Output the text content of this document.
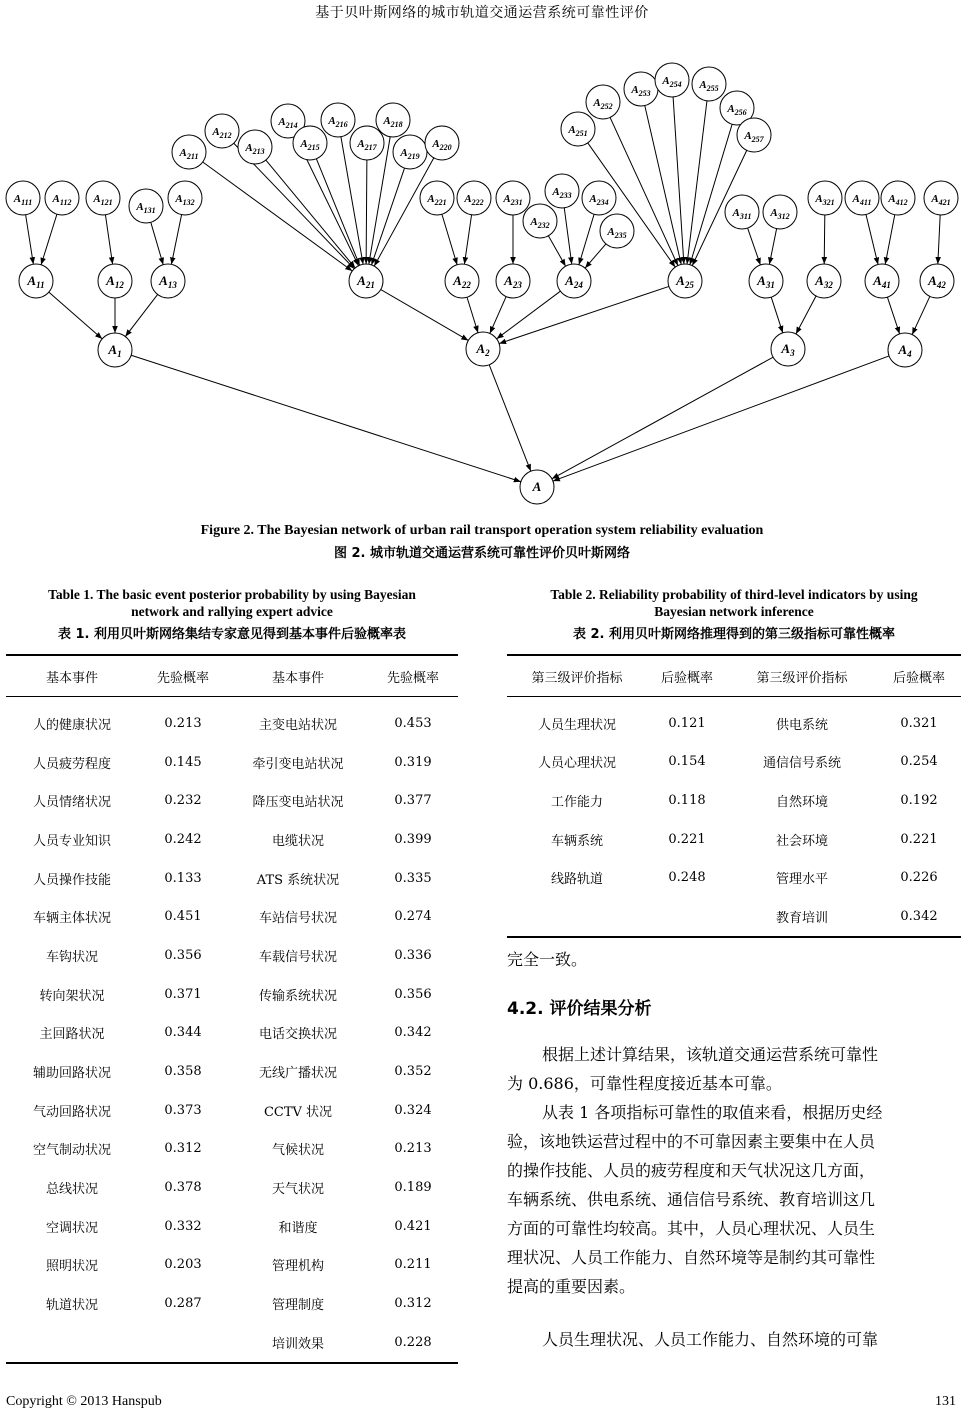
基于贝叶斯网络的城市轨道交通运营系统可靠性评价
A
$A_1$	$A_2$	$A_3$	$A_4$
$A_{11}$	$A_{12}$	$A_{13}$	$A_{21}$	$A_{22}$	$A_{23}$	$A_{24}$	$A_{25}$	$A_{31}$	$A_{32}$	$A_{41}$	$A_{42}$
$A_{111}$ $A_{112}$ $A_{121}$ $A_{131}$
$A_{132}$
$A_{211}$
$A_{212}$
$A_{213}$
$A_{214}$
$A_{215}$
$A_{216}$
$A_{217}$
$A_{218}$
$A_{219}$
$A_{220}$
$A_{221}$ $A_{222}$ $A_{231}$
$A_{232}$
$A_{233}$ $A_{234}$
$A_{235}$
$A_{251}$
$A_{252}$
$A_{253}$
$A_{254}$ $A_{255}$
$A_{256}$
$A_{257}$
$A_{311}$ $A_{312}$
$A_{321}$ $A_{411}$ $A_{412}$ $A_{421}$
Figure 2. The Bayesian network of urban rail transport operation system reliability evaluation
图 2. 城市轨道交通运营系统可靠性评价贝叶斯网络
Table 1. The basic event posterior probability by using Bayesian
network and rallying expert advice
表 1. 利用贝叶斯网络集结专家意见得到基本事件后验概率表
基本事件	先验概率	基本事件	先验概率
人的健康状况	0.213	主变电站状况	0.453
人员疲劳程度	0.145	牵引变电站状况	0.319
人员情绪状况	0.232	降压变电站状况	0.377
人员专业知识	0.242	电缆状况	0.399
人员操作技能	0.133	ATS 系统状况	0.335
车辆主体状况	0.451	车站信号状况	0.274
车钩状况	0.356	车载信号状况	0.336
转向架状况	0.371	传输系统状况	0.356
主回路状况	0.344	电话交换状况	0.342
辅助回路状况	0.358	无线广播状况	0.352
气动回路状况	0.373	CCTV 状况	0.324
空气制动状况	0.312	气候状况	0.213
总线状况	0.378	天气状况	0.189
空调状况	0.332	和谐度	0.421
照明状况	0.203	管理机构	0.211
轨道状况	0.287	管理制度	0.312
		培训效果	0.228
Table 2. Reliability probability of third-level indicators by using
Bayesian network inference
表 2. 利用贝叶斯网络推理得到的第三级指标可靠性概率
第三级评价指标	后验概率	第三级评价指标	后验概率
人员生理状况	0.121	供电系统	0.321
人员心理状况	0.154	通信信号系统	0.254
工作能力	0.118	自然环境	0.192
车辆系统	0.221	社会环境	0.221
线路轨道	0.248	管理水平	0.226
		教育培训	0.342
完全一致。
4.2. 评价结果分析
根据上述计算结果，该轨道交通运营系统可靠性
为 0.686，可靠性程度接近基本可靠。
从表 1 各项指标可靠性的取值来看，根据历史经
验，该地铁运营过程中的不可靠因素主要集中在人员
的操作技能、人员的疲劳程度和天气状况这几方面，
车辆系统、供电系统、通信信号系统、教育培训这几
方面的可靠性均较高。其中，人员心理状况、人员生
理状况、人员工作能力、自然环境等是制约其可靠性
提高的重要因素。
人员生理状况、人员工作能力、自然环境的可靠
Copyright © 2013 Hanspub	131
